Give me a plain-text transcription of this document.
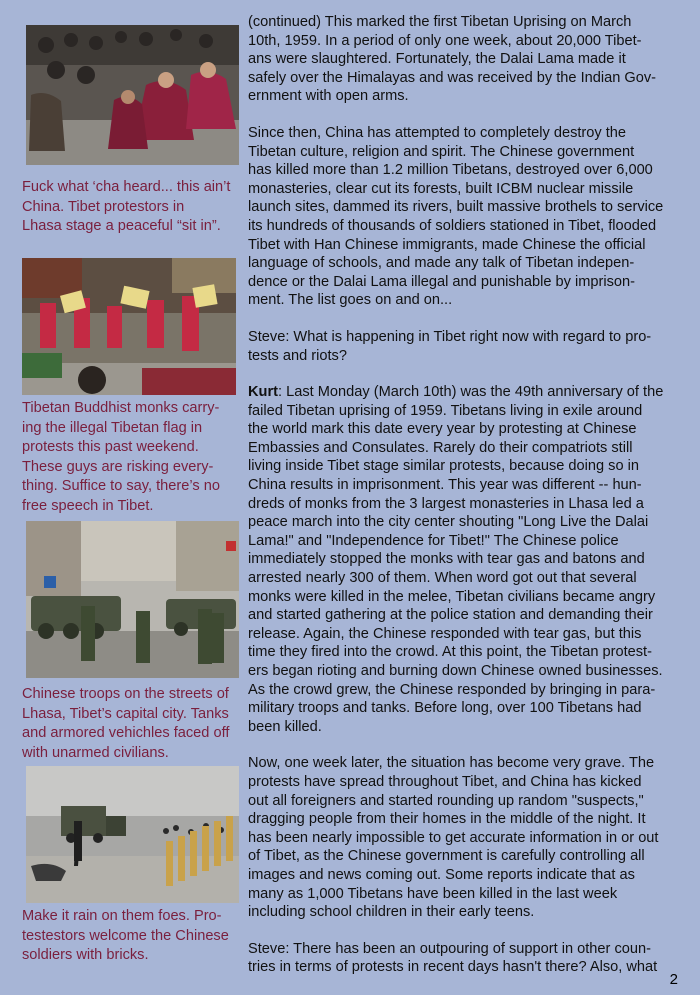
Fuck what ‘cha heard... this ain’t
China. Tibet protestors in
Lhasa stage a peaceful “sit in”.
Tibetan Buddhist monks carry-
ing the illegal Tibetan flag in
protests this past weekend.
These guys are risking every-
thing. Suffice to say, there’s no
free speech in Tibet.
Chinese troops on the streets of
Lhasa, Tibet’s capital city. Tanks
and armored vehichles faced off
with unarmed civilians.
Make it rain on them foes. Pro-
testestors welcome the Chinese
soldiers with bricks.

(continued) This marked the first Tibetan Uprising on March
10th, 1959. In a period of only one week, about 20,000 Tibet-
ans were slaughtered. Fortunately, the Dalai Lama made it
safely over the Himalayas and was received by the Indian Gov-
ernment with open arms.

Since then, China has attempted to completely destroy the
Tibetan culture, religion and spirit. The Chinese government
has killed more than 1.2 million Tibetans, destroyed over 6,000
monasteries, clear cut its forests, built ICBM nuclear missile
launch sites, dammed its rivers, built massive brothels to service
its hundreds of thousands of soldiers stationed in Tibet, flooded
Tibet with Han Chinese immigrants, made Chinese the official
language of schools, and made any talk of Tibetan indepen-
dence or the Dalai Lama illegal and punishable by imprison-
ment. The list goes on and on...

Steve: What is happening in Tibet right now with regard to pro-
tests and riots?

Kurt: Last Monday (March 10th) was the 49th anniversary of the
failed Tibetan uprising of 1959. Tibetans living in exile around
the world mark this date every year by protesting at Chinese
Embassies and Consulates. Rarely do their compatriots still
living inside Tibet stage similar protests, because doing so in
China results in imprisonment. This year was different -- hun-
dreds of monks from the 3 largest monasteries in Lhasa led a
peace march into the city center shouting "Long Live the Dalai
Lama!" and "Independence for Tibet!" The Chinese police
immediately stopped the monks with tear gas and batons and
arrested nearly 300 of them. When word got out that several
monks were killed in the melee, Tibetan civilians became angry
and started gathering at the police station and demanding their
release. Again, the Chinese responded with tear gas, but this
time they fired into the crowd. At this point, the Tibetan protest-
ers began rioting and burning down Chinese owned businesses.
As the crowd grew, the Chinese responded by bringing in para-
military troops and tanks. Before long, over 100 Tibetans had
been killed.

Now, one week later, the situation has become very grave. The
protests have spread throughout Tibet, and China has kicked
out all foreigners and started rounding up random "suspects,"
dragging people from their homes in the middle of the night. It
has been nearly impossible to get accurate information in or out
of Tibet, as the Chinese government is carefully controlling all
images and news coming out. Some reports indicate that as
many as 1,000 Tibetans have been killed in the last week
including school children in their early teens.

Steve: There has been an outpouring of support in other coun-
tries in terms of protests in recent days hasn't there? Also, what

2
